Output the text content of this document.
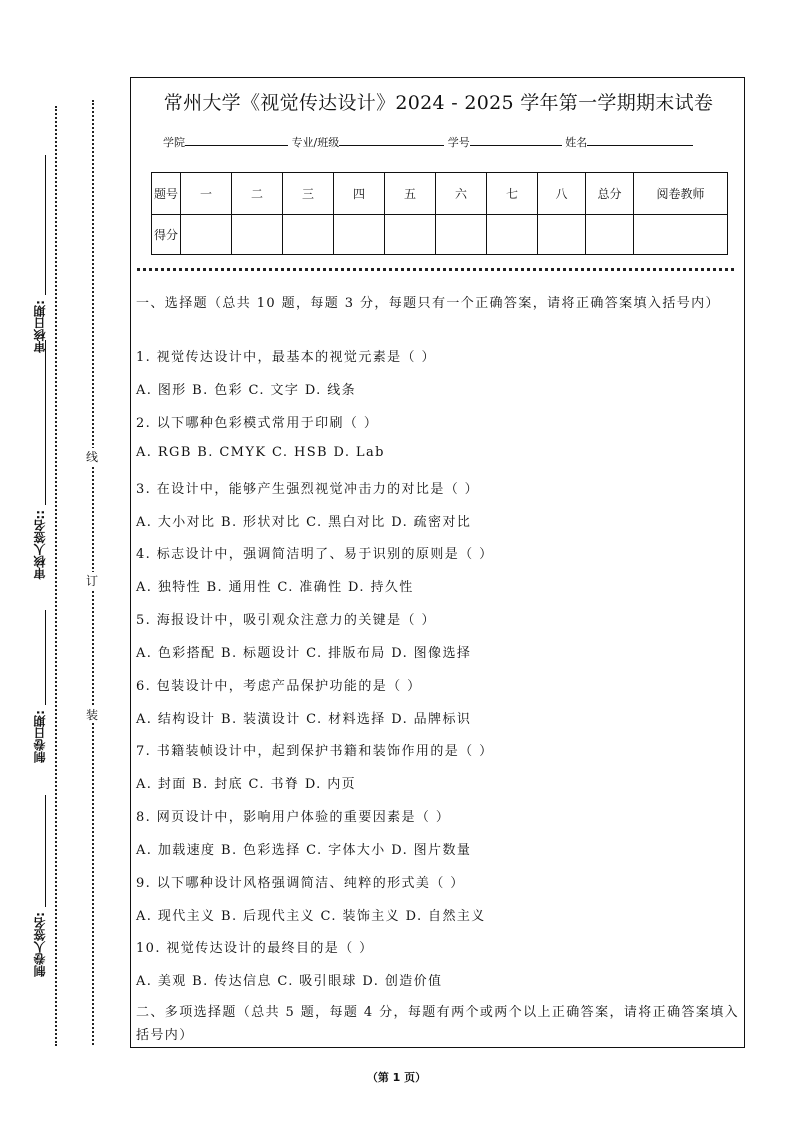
审核日期:
审核人签名::
制卷日期:
制卷人签名:
线
订
装
常州大学《视觉传达设计》2024 - 2025 学年第一学期期末试卷
学院	专业/班级	学号	姓名
题号	一	二	三	四	五	六	七	八	总分	阅卷教师
得分										
一、选择题（总共 10 题，每题 3 分，每题只有一个正确答案，请将正确答案填入括号内）
1. 视觉传达设计中，最基本的视觉元素是（ ）
A. 图形 B. 色彩 C. 文字 D. 线条
2. 以下哪种色彩模式常用于印刷（ ）
A. RGB B. CMYK C. HSB D. Lab
3. 在设计中，能够产生强烈视觉冲击力的对比是（ ）
A. 大小对比 B. 形状对比 C. 黑白对比 D. 疏密对比
4. 标志设计中，强调简洁明了、易于识别的原则是（ ）
A. 独特性 B. 通用性 C. 准确性 D. 持久性
5. 海报设计中，吸引观众注意力的关键是（ ）
A. 色彩搭配 B. 标题设计 C. 排版布局 D. 图像选择
6. 包装设计中，考虑产品保护功能的是（ ）
A. 结构设计 B. 装潢设计 C. 材料选择 D. 品牌标识
7. 书籍装帧设计中，起到保护书籍和装饰作用的是（ ）
A. 封面 B. 封底 C. 书脊 D. 内页
8. 网页设计中，影响用户体验的重要因素是（ ）
A. 加载速度 B. 色彩选择 C. 字体大小 D. 图片数量
9. 以下哪种设计风格强调简洁、纯粹的形式美（ ）
A. 现代主义 B. 后现代主义 C. 装饰主义 D. 自然主义
10. 视觉传达设计的最终目的是（ ）
A. 美观 B. 传达信息 C. 吸引眼球 D. 创造价值
二、多项选择题（总共 5 题，每题 4 分，每题有两个或两个以上正确答案，请将正确答案填入括号内）
（第 1 页）
